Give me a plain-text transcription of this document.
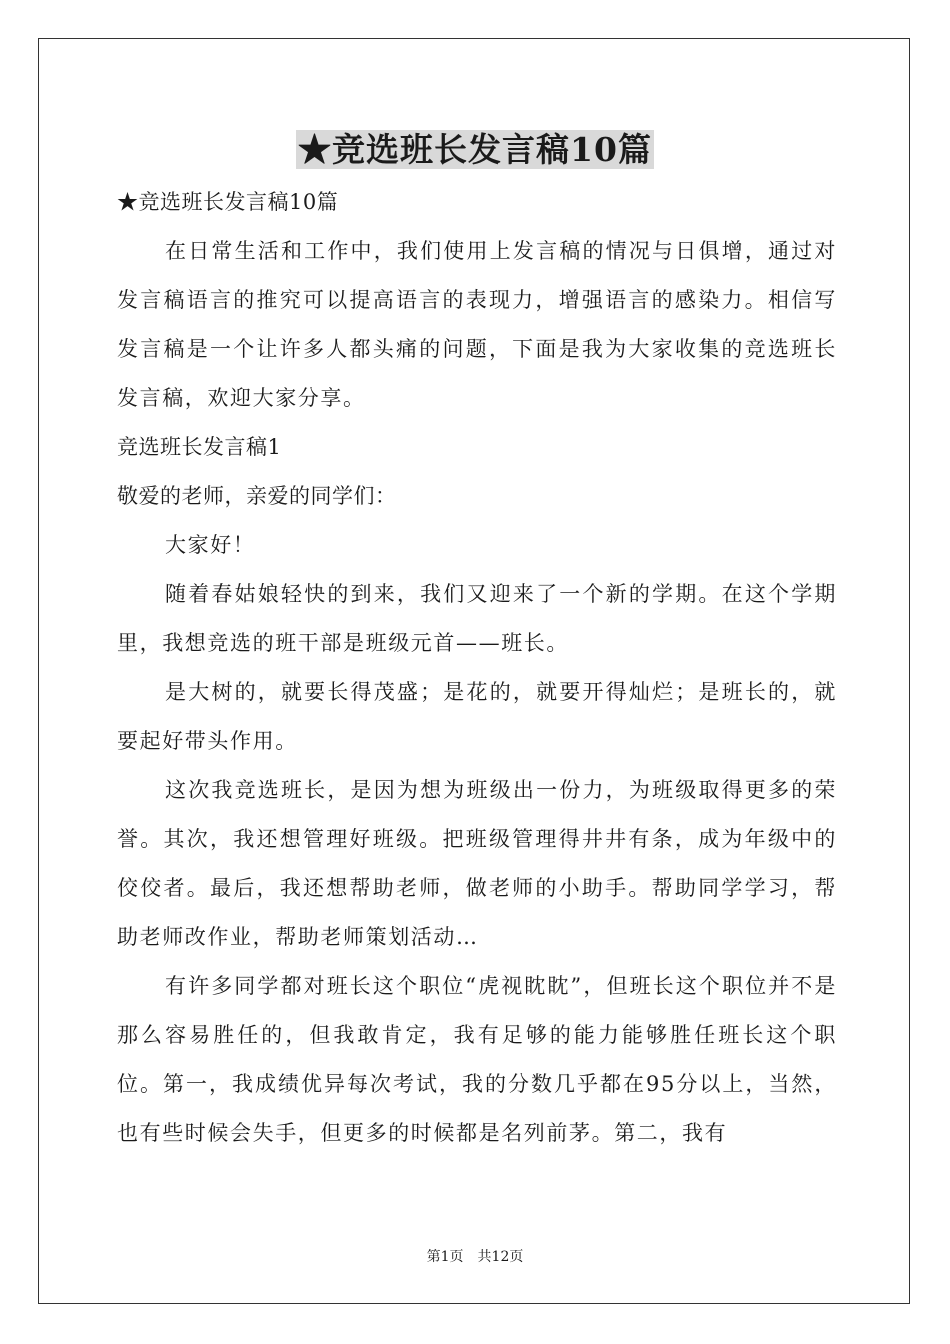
★竞选班长发言稿10篇

★竞选班长发言稿10篇

在日常生活和工作中，我们使用上发言稿的情况与日俱增，通过对发言稿语言的推究可以提高语言的表现力，增强语言的感染力。相信写发言稿是一个让许多人都头痛的问题，下面是我为大家收集的竞选班长发言稿，欢迎大家分享。

竞选班长发言稿1

敬爱的老师，亲爱的同学们：

大家好！

随着春姑娘轻快的到来，我们又迎来了一个新的学期。在这个学期里，我想竞选的班干部是班级元首——班长。

是大树的，就要长得茂盛；是花的，就要开得灿烂；是班长的，就要起好带头作用。

这次我竞选班长，是因为想为班级出一份力，为班级取得更多的荣誉。其次，我还想管理好班级。把班级管理得井井有条，成为年级中的佼佼者。最后，我还想帮助老师，做老师的小助手。帮助同学学习，帮助老师改作业，帮助老师策划活动…

有许多同学都对班长这个职位“虎视眈眈”，但班长这个职位并不是那么容易胜任的，但我敢肯定，我有足够的能力能够胜任班长这个职位。第一，我成绩优异每次考试，我的分数几乎都在95分以上，当然，也有些时候会失手，但更多的时候都是名列前茅。第二，我有

第1页 共12页
